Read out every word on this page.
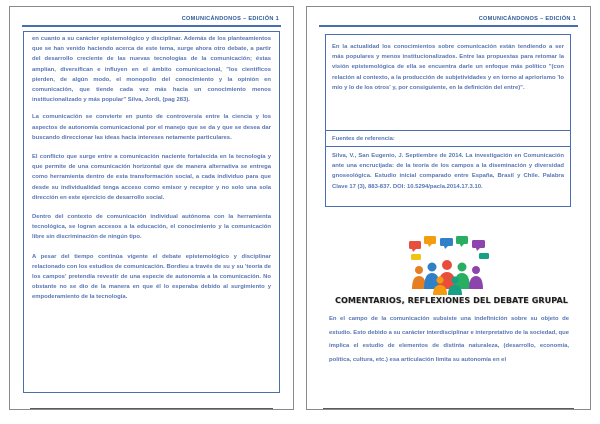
COMUNICÁNDONOS – EDICIÓN 1

en cuanto a su carácter epistemológico y disciplinar. Además de los planteamientos que se han venido haciendo acerca de este tema, surge ahora otro debate, a partir del desarrollo creciente de las nuevas tecnologías de la comunicación; éstas amplían, diversifican e influyen en el ámbito comunicacional, "los científicos pierden, de algún modo, el monopolio del conocimiento y la opinión en comunicación, que tiende cada vez más hacia un conocimiento menos institucionalizado y más popular" Silva, Jordi, (pag 283).

La comunicación se convierte en punto de controversia entre la ciencia y los aspectos de autonomía comunicacional por el manejo que se da y que se desea dar buscando direccionar las ideas hacia intereses netamente particulares.

El conflicto que surge entre a comunicación naciente fortalecida en la tecnología y que permite de una comunicación horizontal que de manera alternativa se entrega como herramienta dentro de esta transformación social, a cada individuo para que desde su individualidad tenga acceso como emisor y receptor y no solo una sola dirección en este ejercicio de desarrollo social.

Dentro del contexto de comunicación individual autónoma con la herramienta tecnológica, se logran accesos a la educación, el conocimiento y la comunicación libre sin discriminación de ningún tipo.

A pesar del tiempo continúa vigente el debate epistemológico y disciplinar relacionado con los estudios de comunicación. Bordieu a través de su y su 'teoría de los campos' pretendía revestir de una especie de autonomía a la comunicación. No obstante no se dio de la manera en que él lo esperaba debido al surgimiento y empoderamiento de la tecnología.

COMUNICÁNDONOS – EDICIÓN 1

En la actualidad los conocimientos sobre comunicación están tendiendo a ser más populares y menos institucionalizados. Entre las propuestas para retomar la visión epistemológica de ella se encuentra darle un enfoque más político "(con relación al contexto, a la producción de subjetividades y en torno al apriorismo 'lo mío y lo de los otros' y, por consiguiente, en la definición del entre)".

Fuentes de referencia:

Silva, V., San Eugenio, J. Septiembre de 2014. La investigación en Comunicación ante una encrucijada: de la teoría de los campos a la diseminación y diversidad gnoseológica. Estudio inicial comparado entre España, Brasil y Chile. Palabra Clave 17 (3), 883-837. DOI: 10.5294/pacla.2014.17.3.10.

COMENTARIOS, REFLEXIONES DEL DEBATE GRUPAL

En el campo de la comunicación subsiste una indefinición sobre su objeto de estudio. Esto debido a su carácter interdisciplinar e interpretativo de la sociedad, que implica el estudio de elementos de distinta naturaleza, (desarrollo, economía, política, cultura, etc.) esa articulación limita su autonomía en el
